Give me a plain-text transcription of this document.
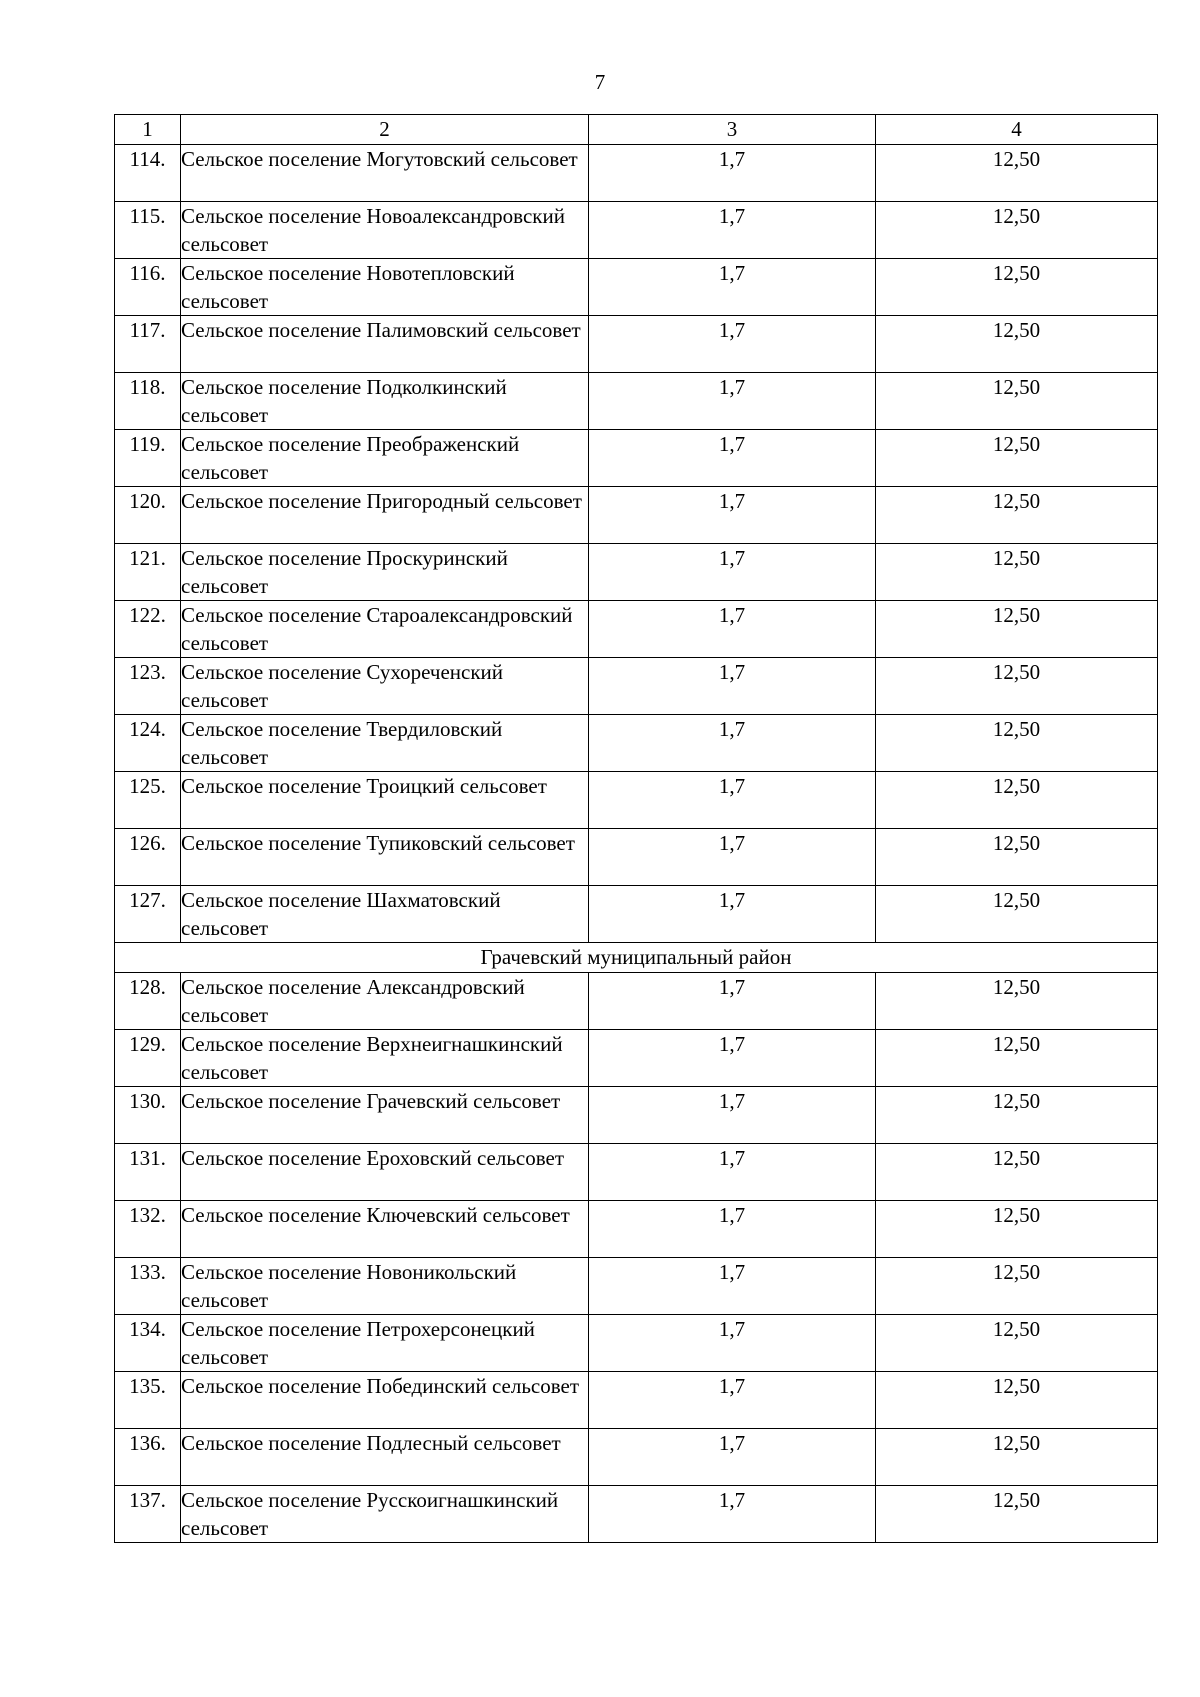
7
1	2	3	4
114.	Сельское поселение Могутовский сельсовет	1,7	12,50
115.	Сельское поселение Новоалександровский сельсовет	1,7	12,50
116.	Сельское поселение Новотепловский сельсовет	1,7	12,50
117.	Сельское поселение Палимовский сельсовет	1,7	12,50
118.	Сельское поселение Подколкинский сельсовет	1,7	12,50
119.	Сельское поселение Преображенский сельсовет	1,7	12,50
120.	Сельское поселение Пригородный сельсовет	1,7	12,50
121.	Сельское поселение Проскуринский сельсовет	1,7	12,50
122.	Сельское поселение Староалександровский сельсовет	1,7	12,50
123.	Сельское поселение Сухореченский сельсовет	1,7	12,50
124.	Сельское поселение Твердиловский сельсовет	1,7	12,50
125.	Сельское поселение Троицкий сельсовет	1,7	12,50
126.	Сельское поселение Тупиковский сельсовет	1,7	12,50
127.	Сельское поселение Шахматовский сельсовет	1,7	12,50
Грачевский муниципальный район			
128.	Сельское поселение Александровский сельсовет	1,7	12,50
129.	Сельское поселение Верхнеигнашкинский сельсовет	1,7	12,50
130.	Сельское поселение Грачевский сельсовет	1,7	12,50
131.	Сельское поселение Ероховский сельсовет	1,7	12,50
132.	Сельское поселение Ключевский сельсовет	1,7	12,50
133.	Сельское поселение Новоникольский сельсовет	1,7	12,50
134.	Сельское поселение Петрохерсонецкий сельсовет	1,7	12,50
135.	Сельское поселение Побединский сельсовет	1,7	12,50
136.	Сельское поселение Подлесный сельсовет	1,7	12,50
137.	Сельское поселение Русскоигнашкинский сельсовет	1,7	12,50
